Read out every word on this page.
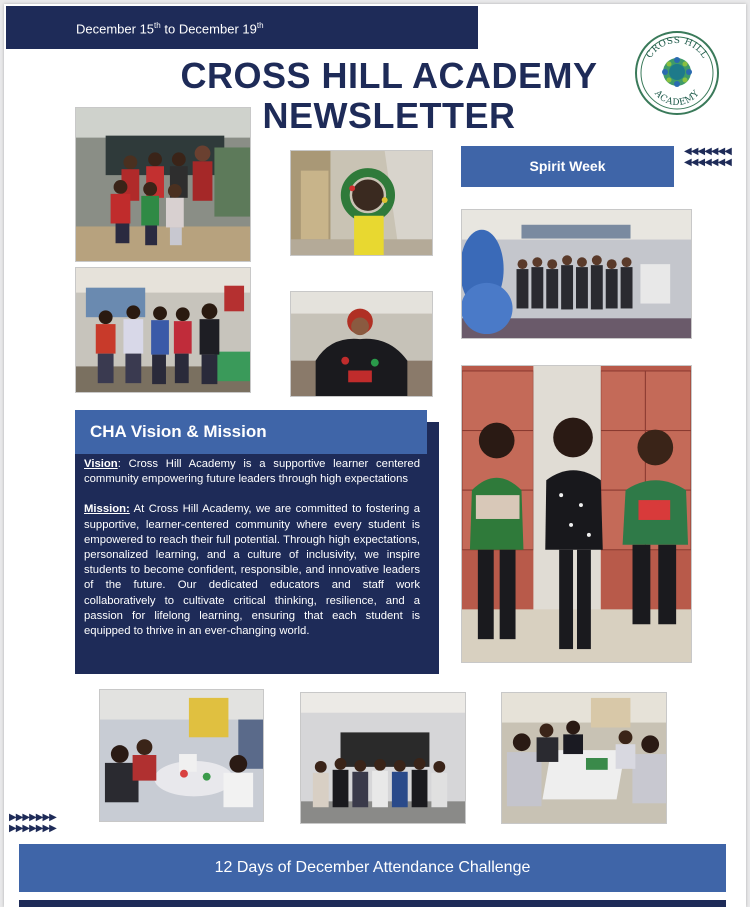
December 15th to December 19th
CROSS HILL ACADEMY
NEWSLETTER
CROSS HILL
ACADEMY
Spirit Week
◀◀◀◀◀◀◀
◀◀◀◀◀◀◀
CHA Vision & Mission

Vision: Cross Hill Academy is a supportive learner centered community empowering future leaders through high expectations

Mission: At Cross Hill Academy, we are committed to fostering a supportive, learner-centered community where every student is empowered to reach their full potential. Through high expectations, personalized learning, and a culture of inclusivity, we inspire students to become confident, responsible, and innovative leaders of the future. Our dedicated educators and staff work collaboratively to cultivate critical thinking, resilience, and a passion for lifelong learning, ensuring that each student is equipped to thrive in an ever-changing world.

▶▶▶▶▶▶▶
▶▶▶▶▶▶▶
12 Days of December Attendance Challenge
